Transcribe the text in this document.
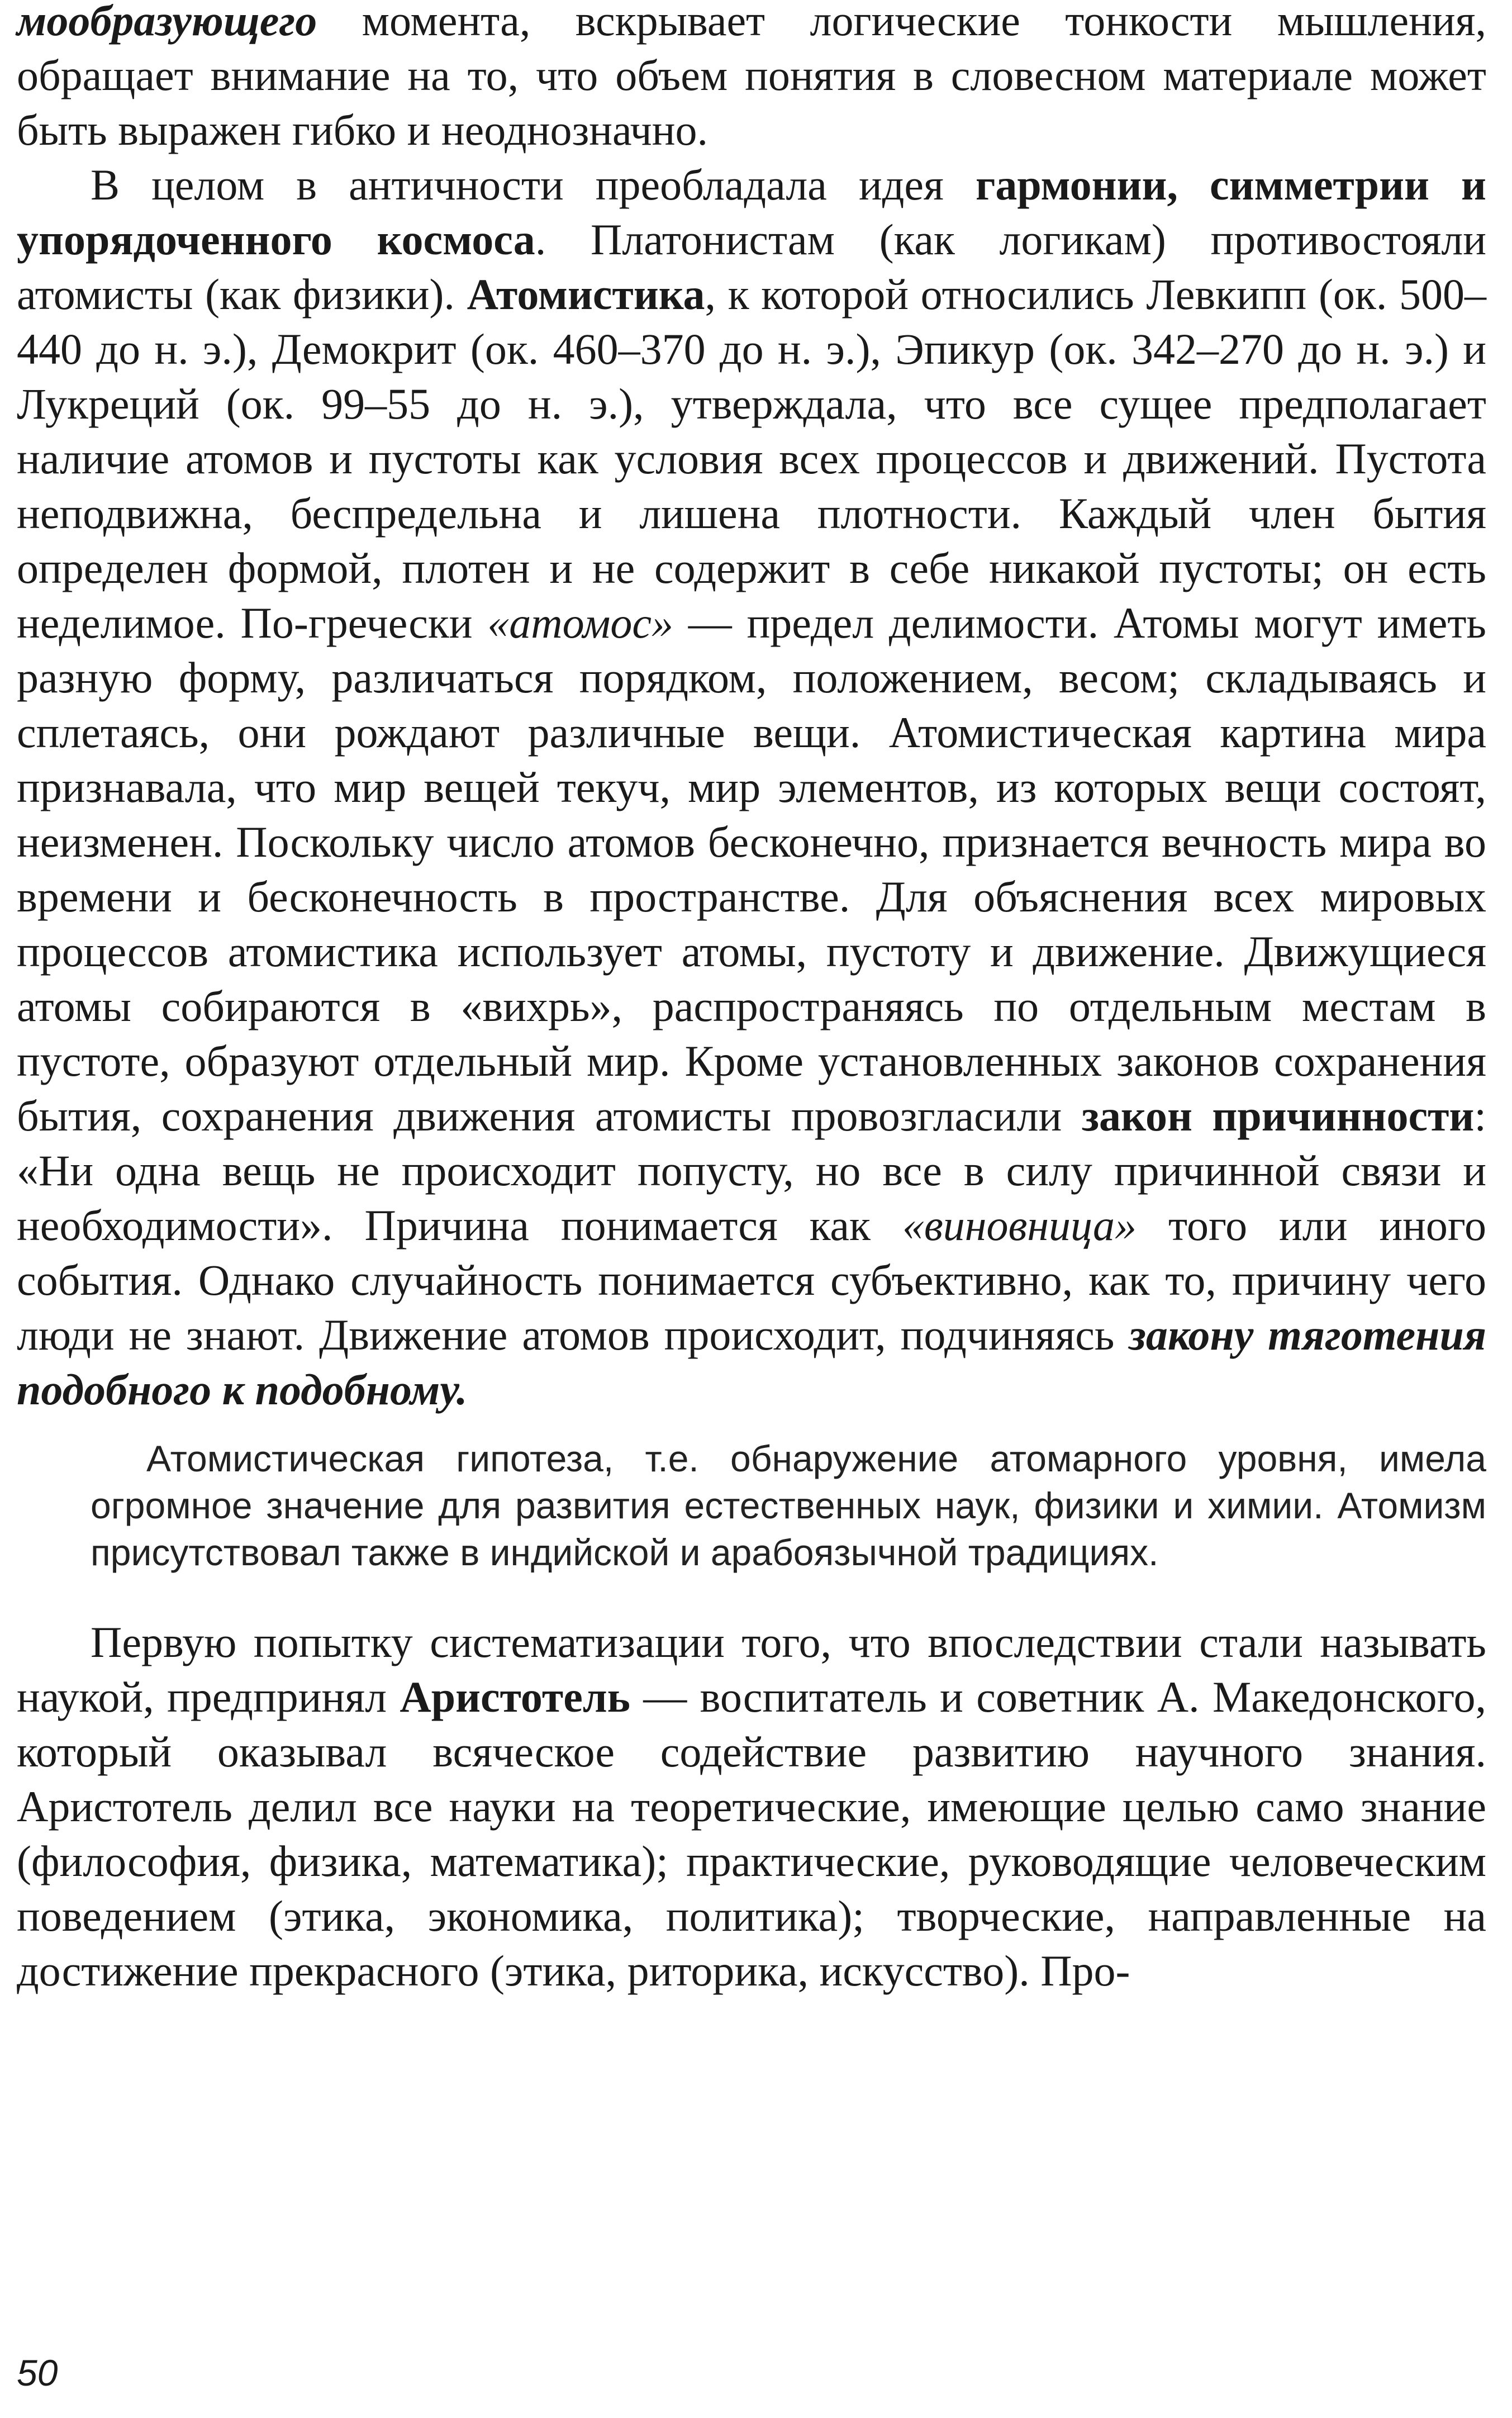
мообразующего момента, вскрывает логические тонкости мышления, обращает внимание на то, что объем понятия в словесном материале может быть выражен гибко и неоднозначно.

В целом в античности преобладала идея гармонии, симметрии и упорядоченного космоса. Платонистам (как логикам) противостояли атомисты (как физики). Атомистика, к которой относились Левкипп (ок. 500–440 до н. э.), Демокрит (ок. 460–370 до н. э.), Эпикур (ок. 342–270 до н. э.) и Лукреций (ок. 99–55 до н. э.), утверждала, что все сущее предполагает наличие атомов и пустоты как условия всех процессов и движений. Пустота неподвижна, беспредельна и лишена плотности. Каждый член бытия определен формой, плотен и не содержит в себе никакой пустоты; он есть неделимое. По-гречески «атомос» — предел делимости. Атомы могут иметь разную форму, различаться порядком, положением, весом; складываясь и сплетаясь, они рождают различные вещи. Атомистическая картина мира признавала, что мир вещей текуч, мир элементов, из которых вещи состоят, неизменен. Поскольку число атомов бесконечно, признается вечность мира во времени и бесконечность в пространстве. Для объяснения всех мировых процессов атомистика использует атомы, пустоту и движение. Движущиеся атомы собираются в «вихрь», распространяясь по отдельным местам в пустоте, образуют отдельный мир. Кроме установленных законов сохранения бытия, сохранения движения атомисты провозгласили закон причинности: «Ни одна вещь не происходит попусту, но все в силу причинной связи и необходимости». Причина понимается как «виновница» того или иного события. Однако случайность понимается субъективно, как то, причину чего люди не знают. Движение атомов происходит, подчиняясь закону тяготения подобного к подобному.

Атомистическая гипотеза, т.е. обнаружение атомарного уровня, имела огромное значение для развития естественных наук, физики и химии. Атомизм присутствовал также в индийской и арабоязычной традициях.

Первую попытку систематизации того, что впоследствии стали называть наукой, предпринял Аристотель — воспитатель и советник А. Македонского, который оказывал всяческое содействие развитию научного знания. Аристотель делил все науки на теоретические, имеющие целью само знание (философия, физика, математика); практические, руководящие человеческим поведением (этика, экономика, политика); творческие, направленные на достижение прекрасного (этика, риторика, искусство). Про-

50
